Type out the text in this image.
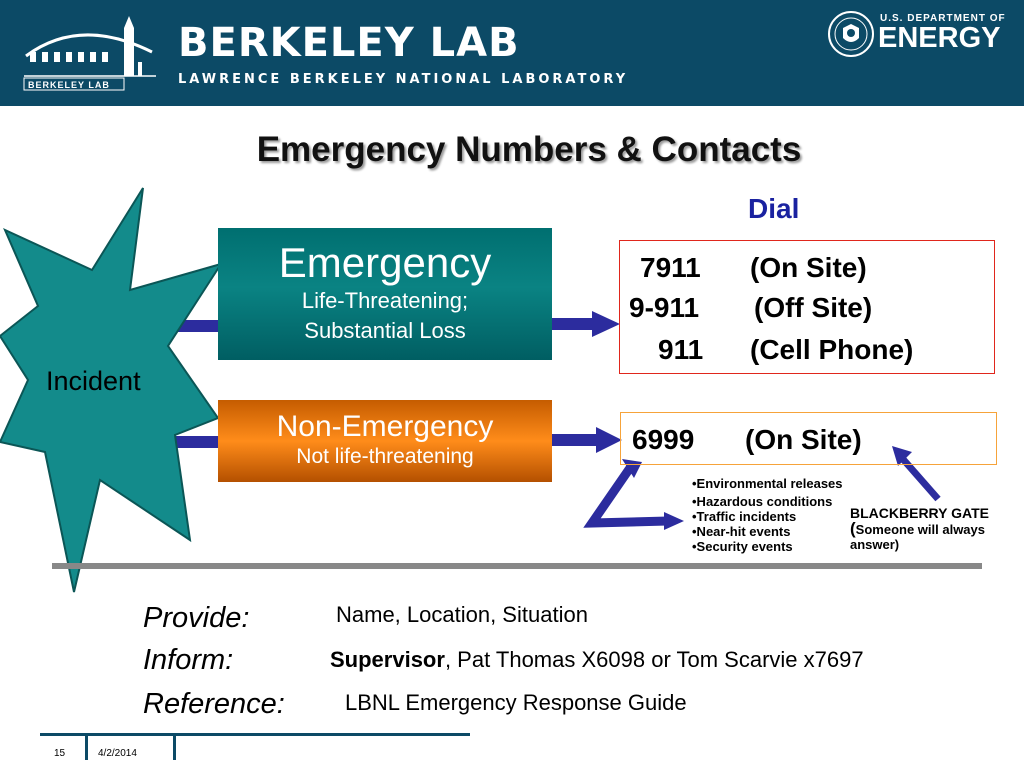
BERKELEY LAB
BERKELEY LAB
LAWRENCE BERKELEY NATIONAL LABORATORY
U.S. DEPARTMENT OF
ENERGY
Emergency Numbers & Contacts
Incident
Emergency
Life-Threatening;
Substantial Loss
Non-Emergency
Not life-threatening
Dial
7911 (On Site)
9-911 (Off Site)
911 (Cell Phone)
6999 (On Site)
•Environmental releases
•Hazardous conditions
•Traffic incidents
•Near-hit events
•Security events
BLACKBERRY GATE
(Someone will always answer)
Provide:	Name, Location, Situation
Inform:	Supervisor, Pat Thomas X6098 or Tom Scarvie x7697
Reference:	LBNL Emergency Response Guide
15	4/2/2014
